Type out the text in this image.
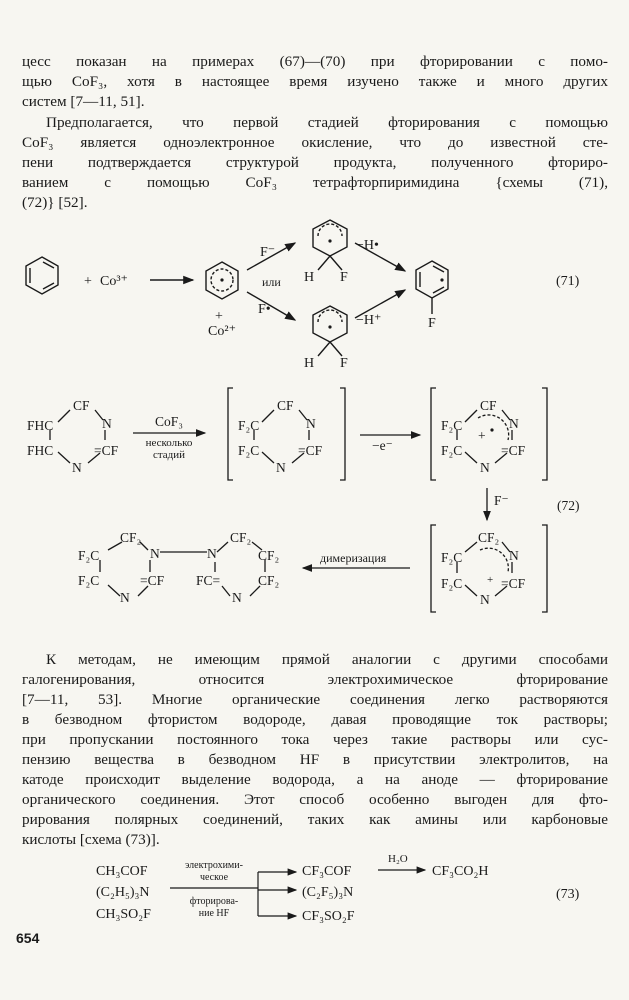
цесс показан на примерах (67)—(70) при фторировании с помо-
щью CoF₃, хотя в настоящее время изучено также и много других
систем [7—11, 51].
Предполагается, что первой стадией фторирования с помощью
CoF₃ является одноэлектронное окисление, что до известной сте-
пени подтверждается структурой продукта, полученного фториро-
ванием с помощью CoF₃ тетрафторпиримидина {схемы (71),
(72)} [52].
+ Co³⁺
+
Co²⁺
F⁻
или
F•
−H•
−H⁺
H F
H F
F
(71)
CF
N
FHC
FHC	=CF
N
CoF₃
несколько
стадий
CF
N
F₂C
F₂C	=CF
N
−e⁻
CF
N
F₂C
F₂C	=CF
N
+
F⁻	(72)
CF₂
N
F₂C
F₂C	=CF
N
+
димеризация
CF₂
N
F₂C
F₂C	=CF
N
N
CF₂
CF₂
FC=	CF₂
N
К методам, не имеющим прямой аналогии с другими способами
галогенирования, относится электрохимическое фторирование
[7—11, 53]. Многие органические соединения легко растворяются
в безводном фтористом водороде, давая проводящие ток растворы;
при пропускании постоянного тока через такие растворы или сус-
пензию вещества в безводном HF в присутствии электролитов, на
катоде происходит выделение водорода, а на аноде — фторирование
органического соединения. Этот способ особенно выгоден для фто-
рирования полярных соединений, таких как амины или карбоновые
кислоты [схема (73)].
CH₃COF
(C₂H₅)₃N
CH₃SO₂F
электрохими-
ческое
фторирова-
ние HF
CF₃COF
(C₂F₅)₃N
CF₃SO₂F
H₂O
CF₃CO₂H
(73)
654
